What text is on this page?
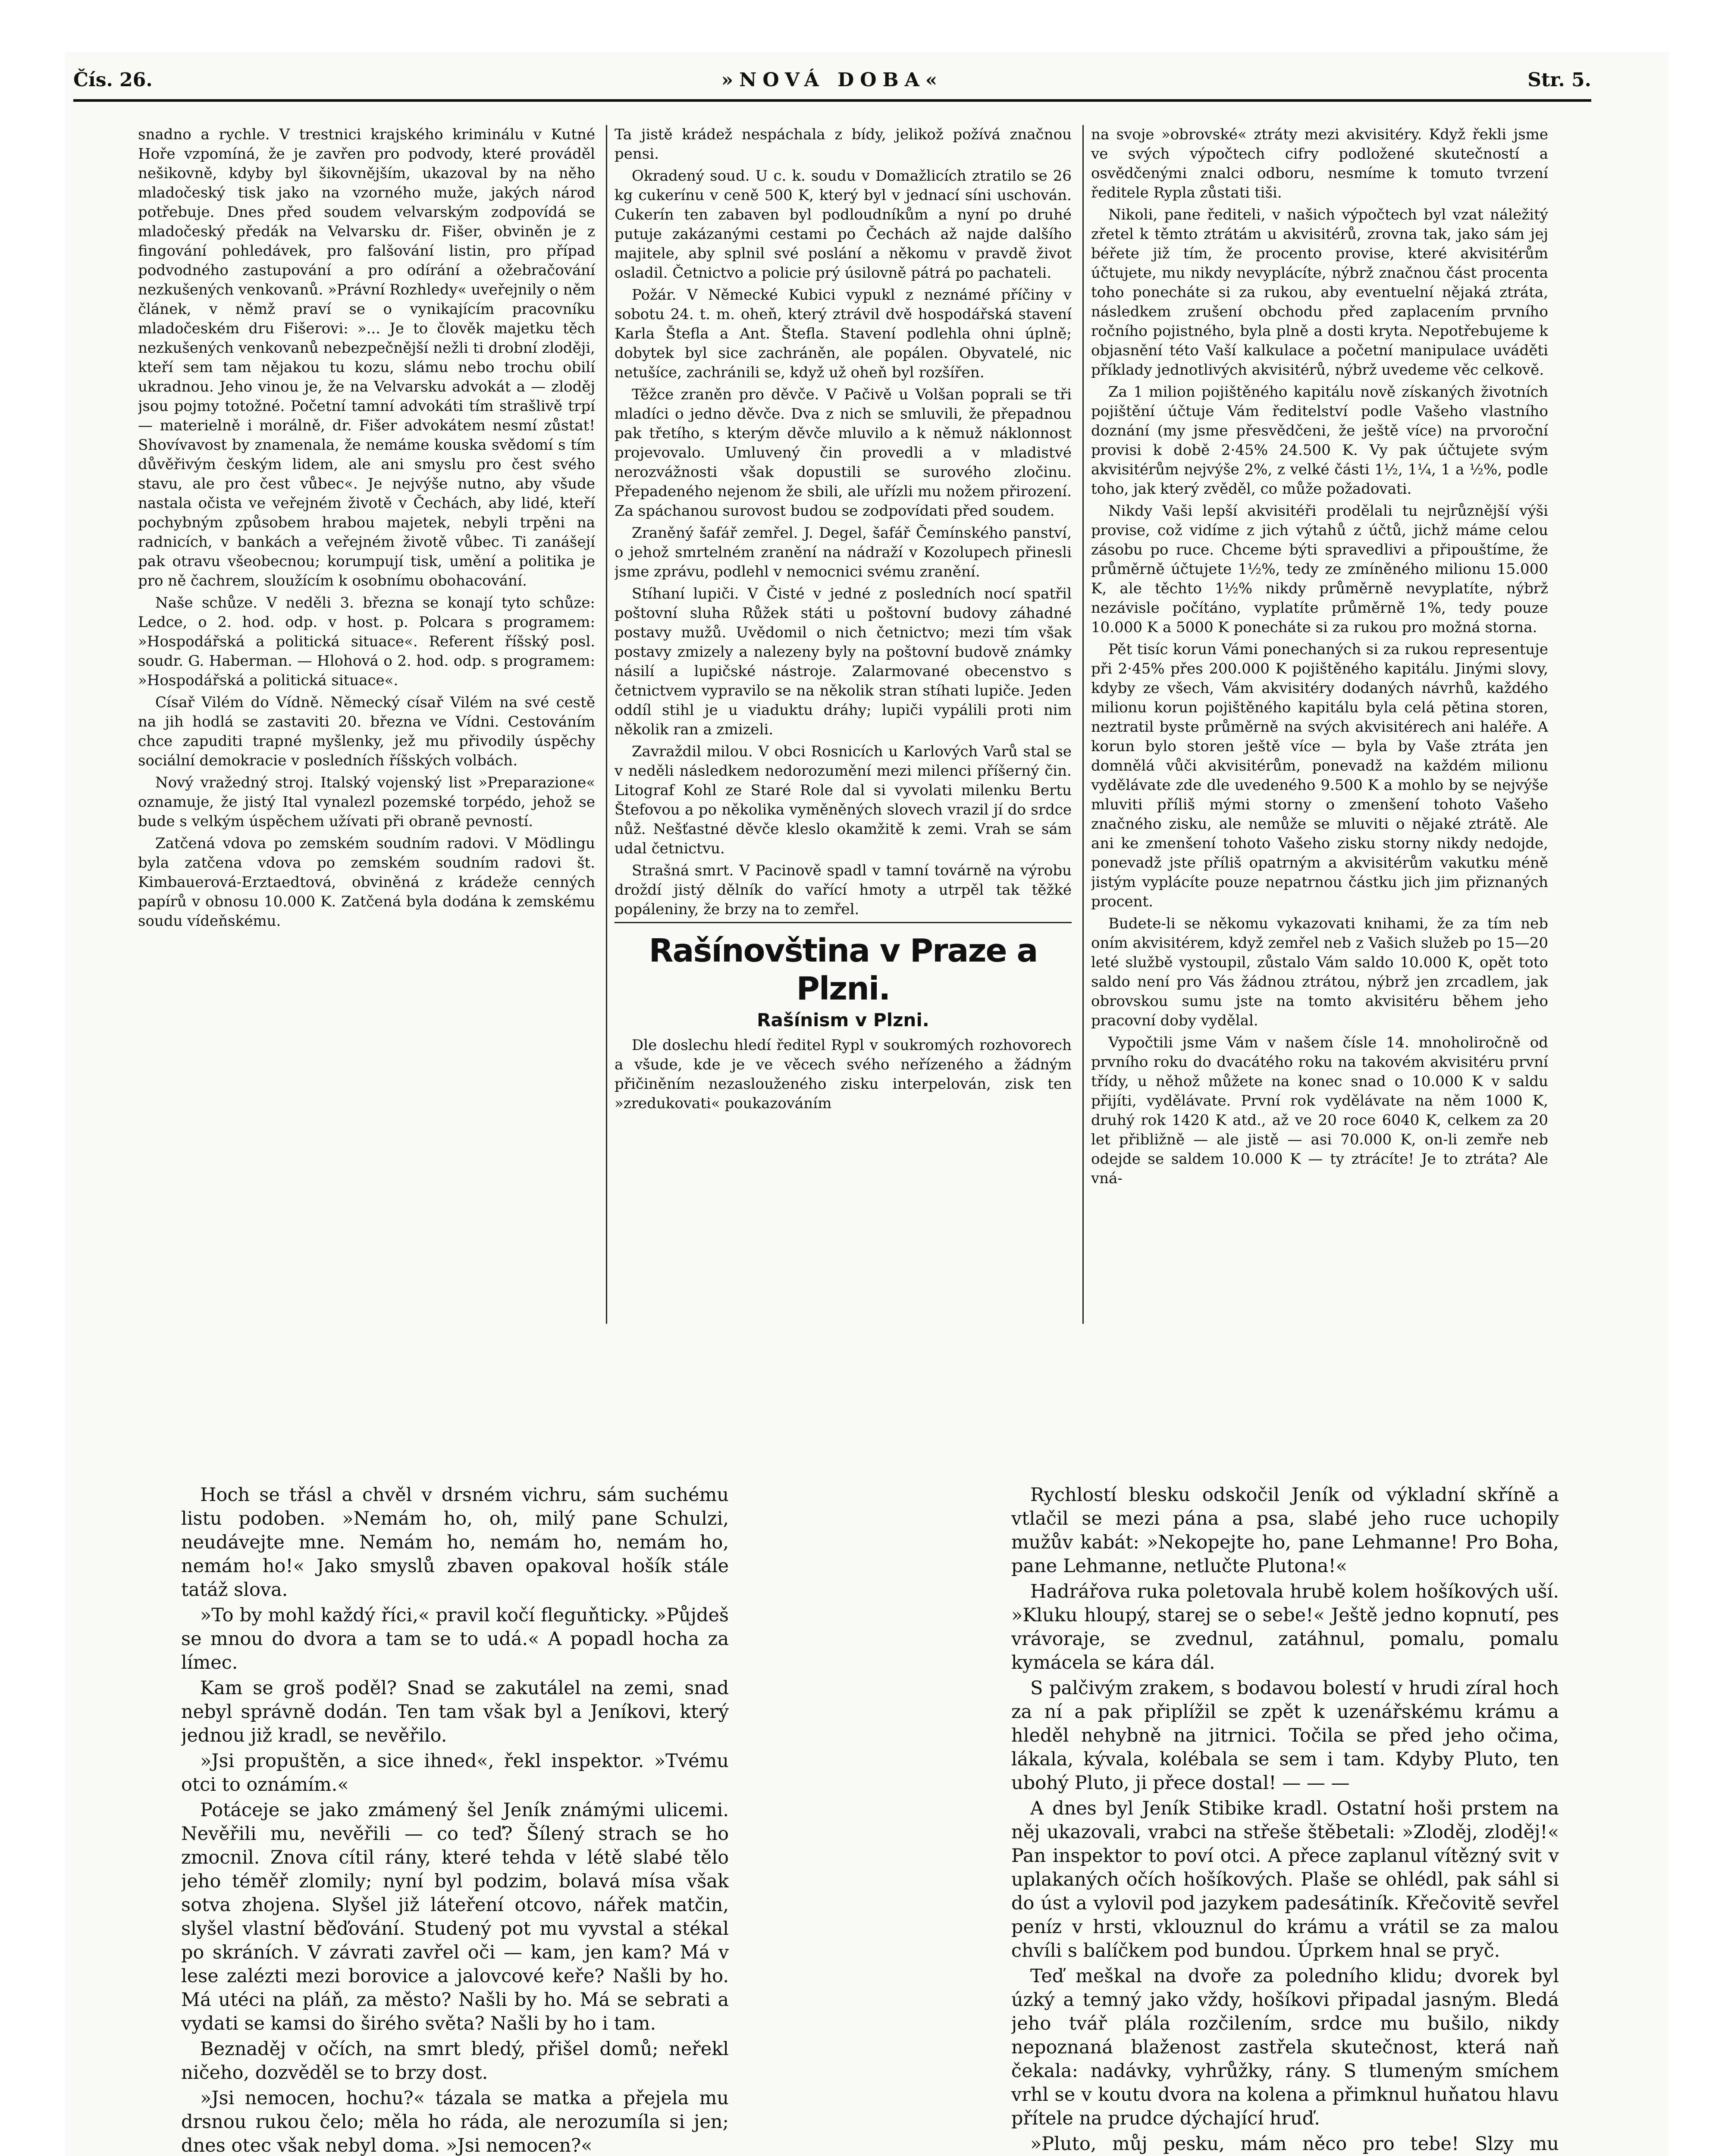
Čís. 26.	»NOVÁ DOBA«	Str. 5.

snadno a rychle. V trestnici krajského kriminálu v Kutné Hoře vzpomíná, že je zavřen pro podvody, které prováděl nešikovně, kdyby byl šikovnějším, ukazoval by na něho mladočeský tisk jako na vzorného muže, jakých národ potřebuje. Dnes před soudem velvarským zodpovídá se mladočeský předák na Velvarsku dr. Fišer, obviněn je z fingování pohledávek, pro falšování listin, pro případ podvodného zastupování a pro odírání a ožebračování nezkušených venkovanů. »Právní Rozhledy« uveřejnily o něm článek, v němž praví se o vynikajícím pracovníku mladočeském dru Fišerovi: »... Je to člověk majetku těch nezkušených venkovanů nebezpečnější nežli ti drobní zloději, kteří sem tam nějakou tu kozu, slámu nebo trochu obilí ukradnou. Jeho vinou je, že na Velvarsku advokát a — zloděj jsou pojmy totožné. Početní tamní advokáti tím strašlivě trpí — materielně i morálně, dr. Fišer advokátem nesmí zůstat! Shovívavost by znamenala, že nemáme kouska svědomí s tím důvěřivým českým lidem, ale ani smyslu pro čest svého stavu, ale pro čest vůbec«. Je nejvýše nutno, aby všude nastala očista ve veřejném životě v Čechách, aby lidé, kteří pochybným způsobem hrabou majetek, nebyli trpěni na radnicích, v bankách a veřejném životě vůbec. Ti zanášejí pak otravu všeobecnou; korumpují tisk, umění a politika je pro ně čachrem, sloužícím k osobnímu obohacování.

Naše schůze. V neděli 3. března se konají tyto schůze: Ledce, o 2. hod. odp. v host. p. Polcara s programem: »Hospodářská a politická situace«. Referent říšský posl. soudr. G. Haberman. — Hlohová o 2. hod. odp. s programem: »Hospodářská a politická situace«.

Císař Vilém do Vídně. Německý císař Vilém na své cestě na jih hodlá se zastaviti 20. března ve Vídni. Cestováním chce zapuditi trapné myšlenky, jež mu přivodily úspěchy sociální demokracie v posledních říšských volbách.

Nový vražedný stroj. Italský vojenský list »Preparazione« oznamuje, že jistý Ital vynalezl pozemské torpédo, jehož se bude s velkým úspěchem užívati při obraně pevností.

Zatčená vdova po zemském soudním radovi. V Mödlingu byla zatčena vdova po zemském soudním radovi št. Kimbauerová-Erztaedtová, obviněná z krádeže cenných papírů v obnosu 10.000 K. Zatčená byla dodána k zemskému soudu vídeňskému.

Ta jistě krádež nespáchala z bídy, jelikož požívá značnou pensi.

Okradený soud. U c. k. soudu v Domažlicích ztratilo se 26 kg cukerínu v ceně 500 K, který byl v jednací síni uschován. Cukerín ten zabaven byl podloudníkům a nyní po druhé putuje zakázanými cestami po Čechách až najde dalšího majitele, aby splnil své poslání a někomu v pravdě život osladil. Četnictvo a policie prý úsilovně pátrá po pachateli.

Požár. V Německé Kubici vypukl z neznámé příčiny v sobotu 24. t. m. oheň, který ztrávil dvě hospodářská stavení Karla Štefla a Ant. Štefla. Stavení podlehla ohni úplně; dobytek byl sice zachráněn, ale popálen. Obyvatelé, nic netušíce, zachránili se, když už oheň byl rozšířen.

Těžce zraněn pro děvče. V Pačivě u Volšan poprali se tři mladíci o jedno děvče. Dva z nich se smluvili, že přepadnou pak třetího, s kterým děvče mluvilo a k němuž náklonnost projevovalo. Umluvený čin provedli a v mladistvé nerozvážnosti však dopustili se surového zločinu. Přepadeného nejenom že sbili, ale uřízli mu nožem přirození. Za spáchanou surovost budou se zodpovídati před soudem.

Zraněný šafář zemřel. J. Degel, šafář Čemínského panství, o jehož smrtelném zranění na nádraží v Kozolupech přinesli jsme zprávu, podlehl v nemocnici svému zranění.

Stíhaní lupiči. V Čisté v jedné z posledních nocí spatřil poštovní sluha Růžek státi u poštovní budovy záhadné postavy mužů. Uvědomil o nich četnictvo; mezi tím však postavy zmizely a nalezeny byly na poštovní budově známky násilí a lupičské nástroje. Zalarmované obecenstvo s četnictvem vypravilo se na několik stran stíhati lupiče. Jeden oddíl stihl je u viaduktu dráhy; lupiči vypálili proti nim několik ran a zmizeli.

Zavraždil milou. V obci Rosnicích u Karlových Varů stal se v neděli následkem nedorozumění mezi milenci příšerný čin. Litograf Kohl ze Staré Role dal si vyvolati milenku Bertu Štefovou a po několika vyměněných slovech vrazil jí do srdce nůž. Nešťastné děvče kleslo okamžitě k zemi. Vrah se sám udal četnictvu.

Strašná smrt. V Pacinově spadl v tamní továrně na výrobu droždí jistý dělník do vařící hmoty a utrpěl tak těžké popáleniny, že brzy na to zemřel.

Rašínovština v Praze a Plzni.
Rašínism v Plzni.

Dle doslechu hledí ředitel Rypl v soukromých rozhovorech a všude, kde je ve věcech svého neřízeného a žádným přičiněním nezaslouženého zisku interpelován, zisk ten »zredukovati« poukazováním

na svoje »obrovské« ztráty mezi akvisitéry. Když řekli jsme ve svých výpočtech cifry podložené skutečností a osvědčenými znalci odboru, nesmíme k tomuto tvrzení ředitele Rypla zůstati tiši.

Nikoli, pane řediteli, v našich výpočtech byl vzat náležitý zřetel k těmto ztrátám u akvisitérů, zrovna tak, jako sám jej béřete již tím, že procento provise, které akvisitérům účtujete, mu nikdy nevyplácíte, nýbrž značnou část procenta toho ponecháte si za rukou, aby eventuelní nějaká ztráta, následkem zrušení obchodu před zaplacením prvního ročního pojistného, byla plně a dosti kryta. Nepotřebujeme k objasnění této Vaší kalkulace a početní manipulace uváděti příklady jednotlivých akvisitérů, nýbrž uvedeme věc celkově.

Za 1 milion pojištěného kapitálu nově získaných životních pojištění účtuje Vám ředitelství podle Vašeho vlastního doznání (my jsme přesvědčeni, že ještě více) na prvoroční provisi k době 2·45% 24.500 K. Vy pak účtujete svým akvisitérům nejvýše 2%, z velké části 1½, 1¼, 1 a ½%, podle toho, jak který zvěděl, co může požadovati.

Nikdy Vaši lepší akvisitéři prodělali tu nejrůznější výši provise, což vidíme z jich výtahů z účtů, jichž máme celou zásobu po ruce. Chceme býti spravedlivi a připouštíme, že průměrně účtujete 1½%, tedy ze zmíněného milionu 15.000 K, ale těchto 1½% nikdy průměrně nevyplatíte, nýbrž nezávisle počítáno, vyplatíte průměrně 1%, tedy pouze 10.000 K a 5000 K ponecháte si za rukou pro možná storna.

Pět tisíc korun Vámi ponechaných si za rukou representuje při 2·45% přes 200.000 K pojištěného kapitálu. Jinými slovy, kdyby ze všech, Vám akvisitéry dodaných návrhů, každého milionu korun pojištěného kapitálu byla celá pětina storen, neztratil byste průměrně na svých akvisitérech ani haléře. A korun bylo storen ještě více — byla by Vaše ztráta jen domnělá vůči akvisitérům, ponevadž na každém milionu vydělávate zde dle uvedeného 9.500 K a mohlo by se nejvýše mluviti příliš mými storny o zmenšení tohoto Vašeho značného zisku, ale nemůže se mluviti o nějaké ztrátě. Ale ani ke zmenšení tohoto Vašeho zisku storny nikdy nedojde, ponevadž jste příliš opatrným a akvisitérům vakutku méně jistým vyplácíte pouze nepatrnou částku jich jim přiznaných procent.

Budete-li se někomu vykazovati knihami, že za tím neb oním akvisitérem, když zemřel neb z Vašich služeb po 15—20 leté službě vystoupil, zůstalo Vám saldo 10.000 K, opět toto saldo není pro Vás žádnou ztrátou, nýbrž jen zrcadlem, jak obrovskou sumu jste na tomto akvisitéru během jeho pracovní doby vydělal.

Vypočtili jsme Vám v našem čísle 14. mnoholiročně od prvního roku do dvacátého roku na takovém akvisitéru první třídy, u něhož můžete na konec snad o 10.000 K v saldu přijíti, vydělávate. První rok vydělávate na něm 1000 K, druhý rok 1420 K atd., až ve 20 roce 6040 K, celkem za 20 let přibližně — ale jistě — asi 70.000 K, on-li zemře neb odejde se saldem 10.000 K — ty ztrácíte! Je to ztráta? Ale vná-

Hoch se třásl a chvěl v drsném vichru, sám suchému listu podoben. »Nemám ho, oh, milý pane Schulzi, neudávejte mne. Nemám ho, nemám ho, nemám ho, nemám ho!« Jako smyslů zbaven opakoval hošík stále tatáž slova.

»To by mohl každý říci,« pravil kočí fleguňticky. »Půjdeš se mnou do dvora a tam se to udá.« A popadl hocha za límec.

Kam se groš poděl? Snad se zakutálel na zemi, snad nebyl správně dodán. Ten tam však byl a Jeníkovi, který jednou již kradl, se nevěřilo.

»Jsi propuštěn, a sice ihned«, řekl inspektor. »Tvému otci to oznámím.«

Potáceje se jako zmámený šel Jeník známými ulicemi. Nevěřili mu, nevěřili — co teď? Šílený strach se ho zmocnil. Znova cítil rány, které tehda v létě slabé tělo jeho téměř zlomily; nyní byl podzim, bolavá mísa však sotva zhojena. Slyšel již láteření otcovo, nářek matčin, slyšel vlastní běďování. Studený pot mu vyvstal a stékal po skráních. V závrati zavřel oči — kam, jen kam? Má v lese zalézti mezi borovice a jalovcové keře? Našli by ho. Má utéci na pláň, za město? Našli by ho. Má se sebrati a vydati se kamsi do širého světa? Našli by ho i tam.

Beznaděj v očích, na smrt bledý, přišel domů; neřekl ničeho, dozvěděl se to brzy dost.

»Jsi nemocen, hochu?« tázala se matka a přejela mu drsnou rukou čelo; měla ho ráda, ale nerozumíla si jen; dnes otec však nebyl doma. »Jsi nemocen?«

Rychlostí blesku odskočil Jeník od výkladní skříně a vtlačil se mezi pána a psa, slabé jeho ruce uchopily mužův kabát: »Nekopejte ho, pane Lehmanne! Pro Boha, pane Lehmanne, netlučte Plutona!«

Hadrářova ruka poletovala hrubě kolem hošíkových uší. »Kluku hloupý, starej se o sebe!« Ještě jedno kopnutí, pes vrávoraje, se zvednul, zatáhnul, pomalu, pomalu kymácela se kára dál.

S palčivým zrakem, s bodavou bolestí v hrudi zíral hoch za ní a pak připlížil se zpět k uzenářskému krámu a hleděl nehybně na jitrnici. Točila se před jeho očima, lákala, kývala, kolébala se sem i tam. Kdyby Pluto, ten ubohý Pluto, ji přece dostal! — — —

A dnes byl Jeník Stibike kradl. Ostatní hoši prstem na něj ukazovali, vrabci na střeše štěbetali: »Zloděj, zloděj!« Pan inspektor to poví otci. A přece zaplanul vítězný svit v uplakaných očích hošíkových. Plaše se ohlédl, pak sáhl si do úst a vylovil pod jazykem padesátiník. Křečovitě sevřel peníz v hrsti, vklouznul do krámu a vrátil se za malou chvíli s balíčkem pod bundou. Úprkem hnal se pryč.

Teď meškal na dvoře za poledního klidu; dvorek byl úzký a temný jako vždy, hošíkovi připadal jasným. Bledá jeho tvář plála rozčilením, srdce mu bušilo, nikdy nepoznaná blaženost zastřela skutečnost, která naň čekala: nadávky, vyhrůžky, rány. S tlumeným smíchem vrhl se v koutu dvora na kolena a přimknul huňatou hlavu přítele na prudce dýchající hruď.

»Pluto, můj pesku, mám něco pro tebe! Slzy mu
